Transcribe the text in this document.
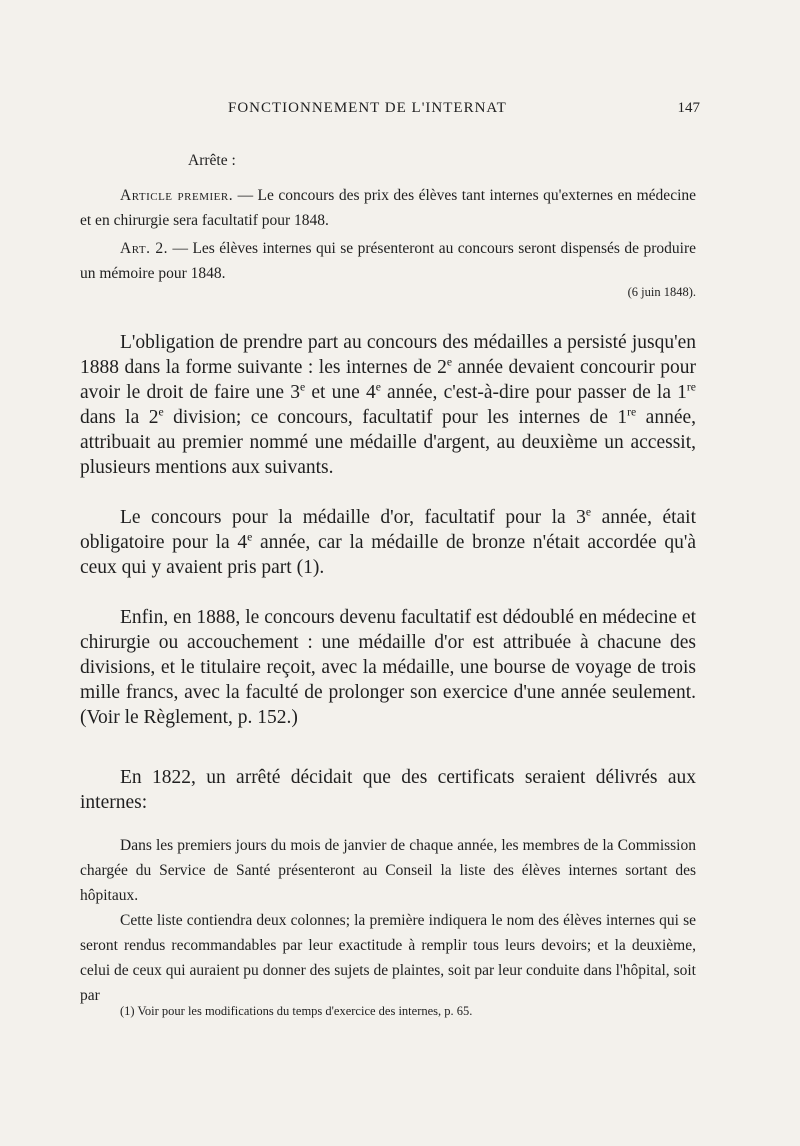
FONCTIONNEMENT DE L'INTERNAT	147
Arrête :
Article premier. — Le concours des prix des élèves tant internes qu'externes en médecine et en chirurgie sera facultatif pour 1848.
Art. 2. — Les élèves internes qui se présenteront au concours seront dispensés de produire un mémoire pour 1848.
(6 juin 1848).
L'obligation de prendre part au concours des médailles a persisté jusqu'en 1888 dans la forme suivante : les internes de 2e année devaient concourir pour avoir le droit de faire une 3e et une 4e année, c'est-à-dire pour passer de la 1re dans la 2e division; ce concours, facultatif pour les internes de 1re année, attribuait au premier nommé une médaille d'argent, au deuxième un accessit, plusieurs mentions aux suivants.
Le concours pour la médaille d'or, facultatif pour la 3e année, était obligatoire pour la 4e année, car la médaille de bronze n'était accordée qu'à ceux qui y avaient pris part (1).
Enfin, en 1888, le concours devenu facultatif est dédoublé en médecine et chirurgie ou accouchement : une médaille d'or est attribuée à chacune des divisions, et le titulaire reçoit, avec la médaille, une bourse de voyage de trois mille francs, avec la faculté de prolonger son exercice d'une année seulement. (Voir le Règlement, p. 152.)
En 1822, un arrêté décidait que des certificats seraient délivrés aux internes:

Dans les premiers jours du mois de janvier de chaque année, les membres de la Commission chargée du Service de Santé présenteront au Conseil la liste des élèves internes sortant des hôpitaux.

Cette liste contiendra deux colonnes; la première indiquera le nom des élèves internes qui se seront rendus recommandables par leur exactitude à remplir tous leurs devoirs; et la deuxième, celui de ceux qui auraient pu donner des sujets de plaintes, soit par leur conduite dans l'hôpital, soit par

(1) Voir pour les modifications du temps d'exercice des internes, p. 65.
